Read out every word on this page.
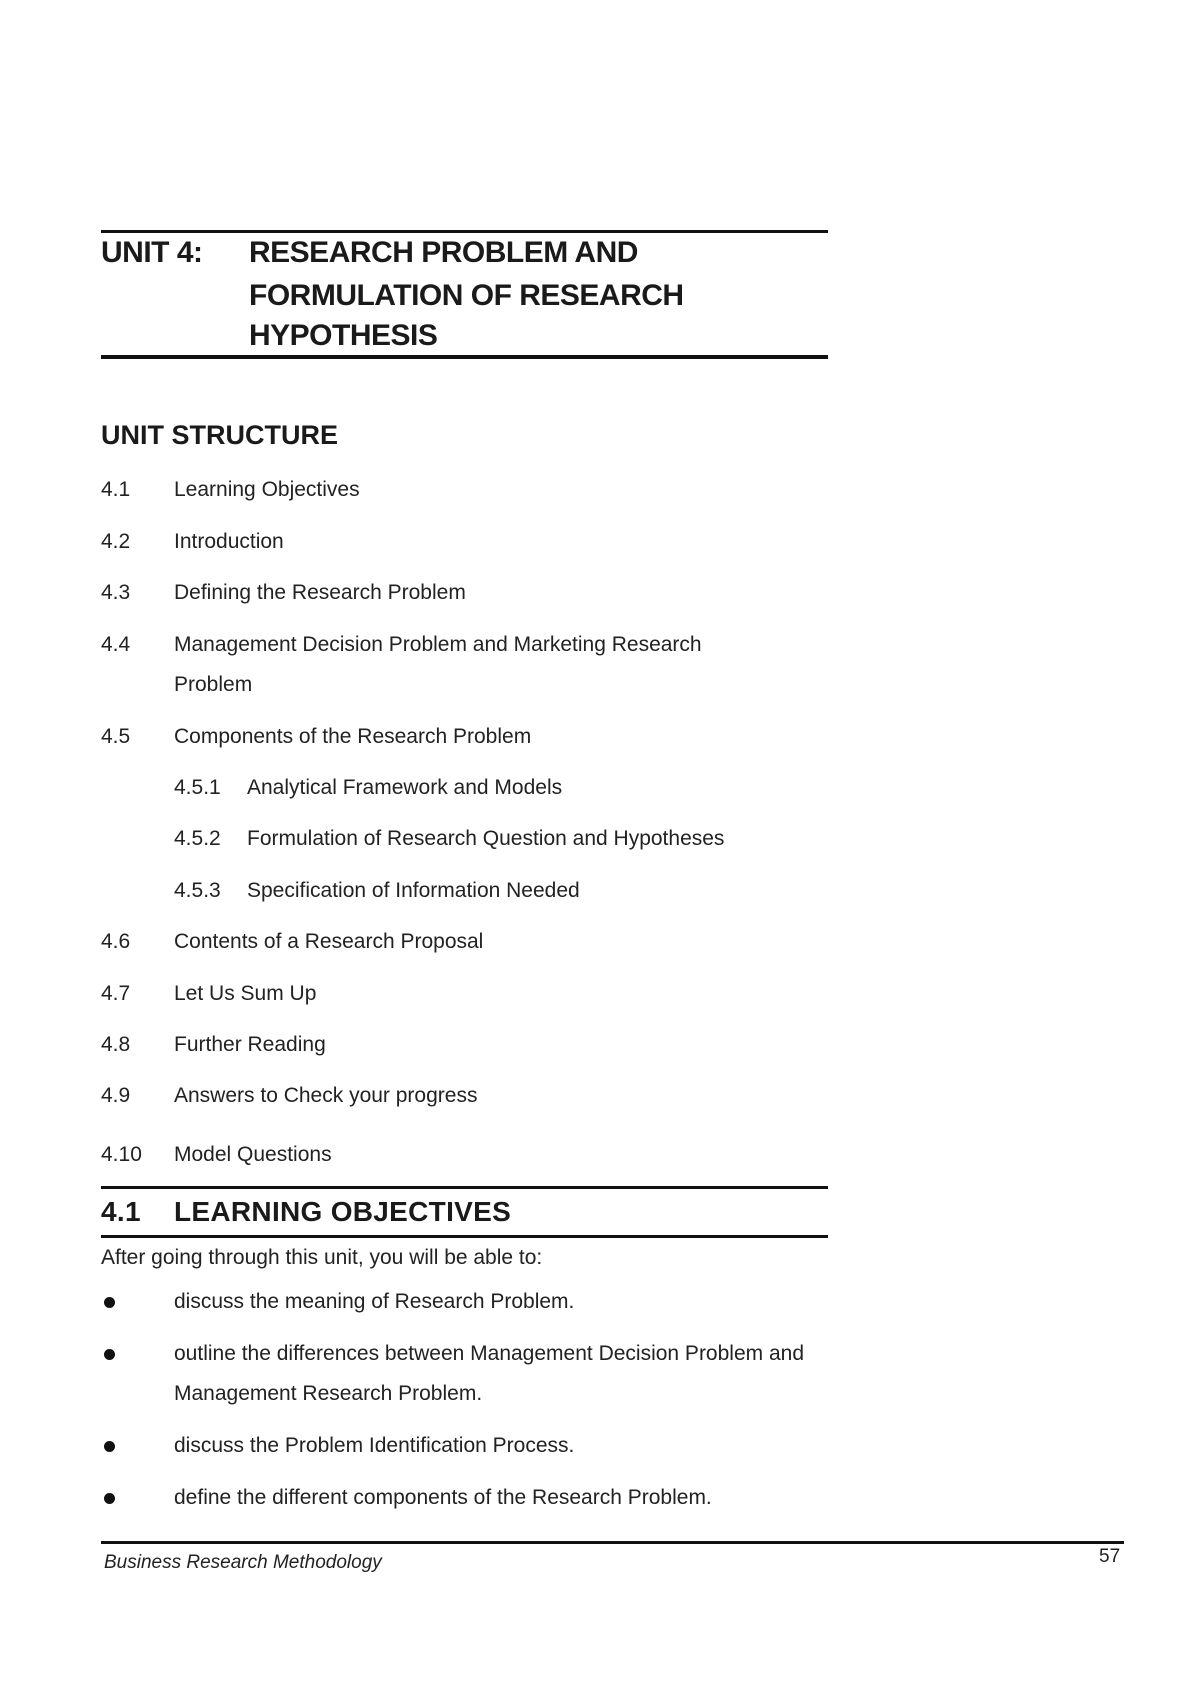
UNIT 4: RESEARCH PROBLEM AND
FORMULATION OF RESEARCH
HYPOTHESIS
UNIT STRUCTURE
4.1 Learning Objectives
4.2 Introduction
4.3 Defining the Research Problem
4.4 Management Decision Problem and Marketing Research
Problem
4.5 Components of the Research Problem
4.5.1 Analytical Framework and Models
4.5.2 Formulation of Research Question and Hypotheses
4.5.3 Specification of Information Needed
4.6 Contents of a Research Proposal
4.7 Let Us Sum Up
4.8 Further Reading
4.9 Answers to Check your progress
4.10 Model Questions
4.1 LEARNING OBJECTIVES
After going through this unit, you will be able to:
discuss the meaning of Research Problem.
outline the differences between Management Decision Problem and
Management Research Problem.
discuss the Problem Identification Process.
define the different components of the Research Problem.
Business Research Methodology	57
